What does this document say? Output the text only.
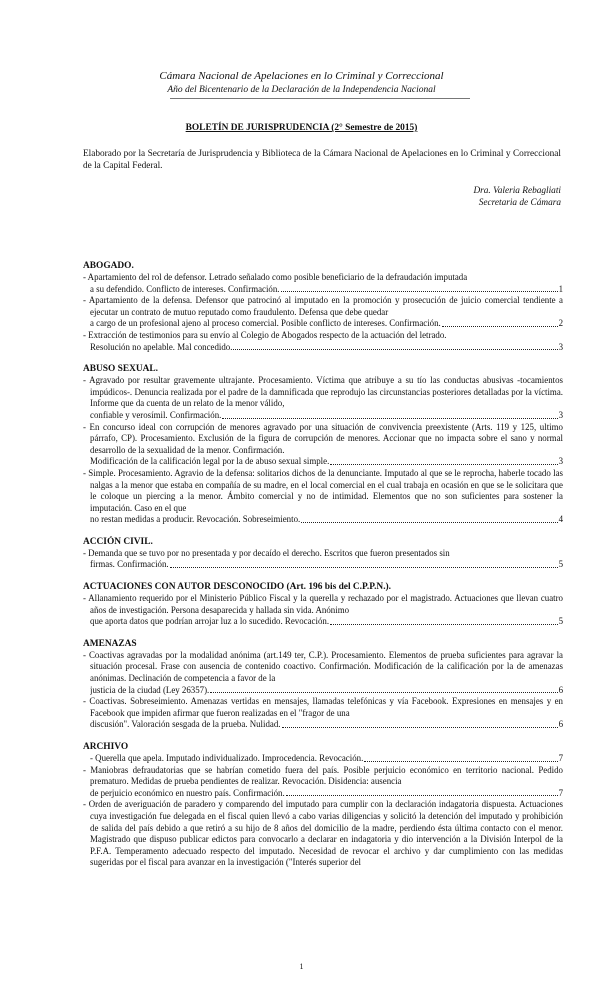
Cámara Nacional de Apelaciones en lo Criminal y Correccional
Año del Bicentenario de la Declaración de la Independencia Nacional
BOLETÍN DE JURISPRUDENCIA (2° Semestre de 2015)
Elaborado por la Secretaría de Jurisprudencia y Biblioteca de la Cámara Nacional de Apelaciones en lo Criminal y Correccional de la Capital Federal.
Dra. Valeria Rebagliati
Secretaria de Cámara
ABOGADO.
- Apartamiento del rol de defensor. Letrado señalado como posible beneficiario de la defraudación imputada
a su defendido. Conflicto de intereses. Confirmación.	1
- Apartamiento de la defensa. Defensor que patrocinó al imputado en la promoción y prosecución de juicio comercial tendiente a ejecutar un contrato de mutuo reputado como fraudulento. Defensa que debe quedar
a cargo de un profesional ajeno al proceso comercial. Posible conflicto de intereses. Confirmación.	2
- Extracción de testimonios para su envío al Colegio de Abogados respecto de la actuación del letrado.
Resolución no apelable. Mal concedido.	3
ABUSO SEXUAL.
- Agravado por resultar gravemente ultrajante. Procesamiento. Víctima que atribuye a su tío las conductas abusivas -tocamientos impúdicos-. Denuncia realizada por el padre de la damnificada que reprodujo las circunstancias posteriores detalladas por la víctima. Informe que da cuenta de un relato de la menor válido,
confiable y verosímil. Confirmación.	3
- En concurso ideal con corrupción de menores agravado por una situación de convivencia preexistente (Arts. 119 y 125, ultimo párrafo, CP). Procesamiento. Exclusión de la figura de corrupción de menores. Accionar que no impacta sobre el sano y normal desarrollo de la sexualidad de la menor. Confirmación.
Modificación de la calificación legal por la de abuso sexual simple.	3
- Simple. Procesamiento. Agravio de la defensa: solitarios dichos de la denunciante. Imputado al que se le reprocha, haberle tocado las nalgas a la menor que estaba en compañía de su madre, en el local comercial en el cual trabaja en ocasión en que se le solicitara que le coloque un piercing a la menor. Ámbito comercial y no de intimidad. Elementos que no son suficientes para sostener la imputación. Caso en el que
no restan medidas a producir. Revocación. Sobreseimiento.	4
ACCIÓN CIVIL.
- Demanda que se tuvo por no presentada y por decaído el derecho. Escritos que fueron presentados sin
firmas. Confirmación.	5
ACTUACIONES CON AUTOR DESCONOCIDO (Art. 196 bis del C.P.P.N.).
- Allanamiento requerido por el Ministerio Público Fiscal y la querella y rechazado por el magistrado. Actuaciones que llevan cuatro años de investigación. Persona desaparecida y hallada sin vida. Anónimo
que aporta datos que podrían arrojar luz a lo sucedido. Revocación.	5
AMENAZAS
- Coactivas agravadas por la modalidad anónima (art.149 ter, C.P.). Procesamiento. Elementos de prueba suficientes para agravar la situación procesal. Frase con ausencia de contenido coactivo. Confirmación. Modificación de la calificación por la de amenazas anónimas. Declinación de competencia a favor de la
justicia de la ciudad (Ley 26357).	6
- Coactivas. Sobreseimiento. Amenazas vertidas en mensajes, llamadas telefónicas y vía Facebook. Expresiones en mensajes y en Facebook que impiden afirmar que fueron realizadas en el "fragor de una
discusión". Valoración sesgada de la prueba. Nulidad.	6
ARCHIVO
- Querella que apela. Imputado individualizado. Improcedencia. Revocación.	7
- Maniobras defraudatorias que se habrían cometido fuera del país. Posible perjuicio económico en territorio nacional. Pedido prematuro. Medidas de prueba pendientes de realizar. Revocación. Disidencia: ausencia
de perjuicio económico en nuestro país. Confirmación.	7
- Orden de averiguación de paradero y comparendo del imputado para cumplir con la declaración indagatoria dispuesta. Actuaciones cuya investigación fue delegada en el fiscal quien llevó a cabo varias diligencias y solicitó la detención del imputado y prohibición de salida del país debido a que retiró a su hijo de 8 años del domicilio de la madre, perdiendo ésta última contacto con el menor. Magistrado que dispuso publicar edictos para convocarlo a declarar en indagatoria y dio intervención a la División Interpol de la P.F.A. Temperamento adecuado respecto del imputado. Necesidad de revocar el archivo y dar cumplimiento con las medidas sugeridas por el fiscal para avanzar en la investigación ("Interés superior del
1
